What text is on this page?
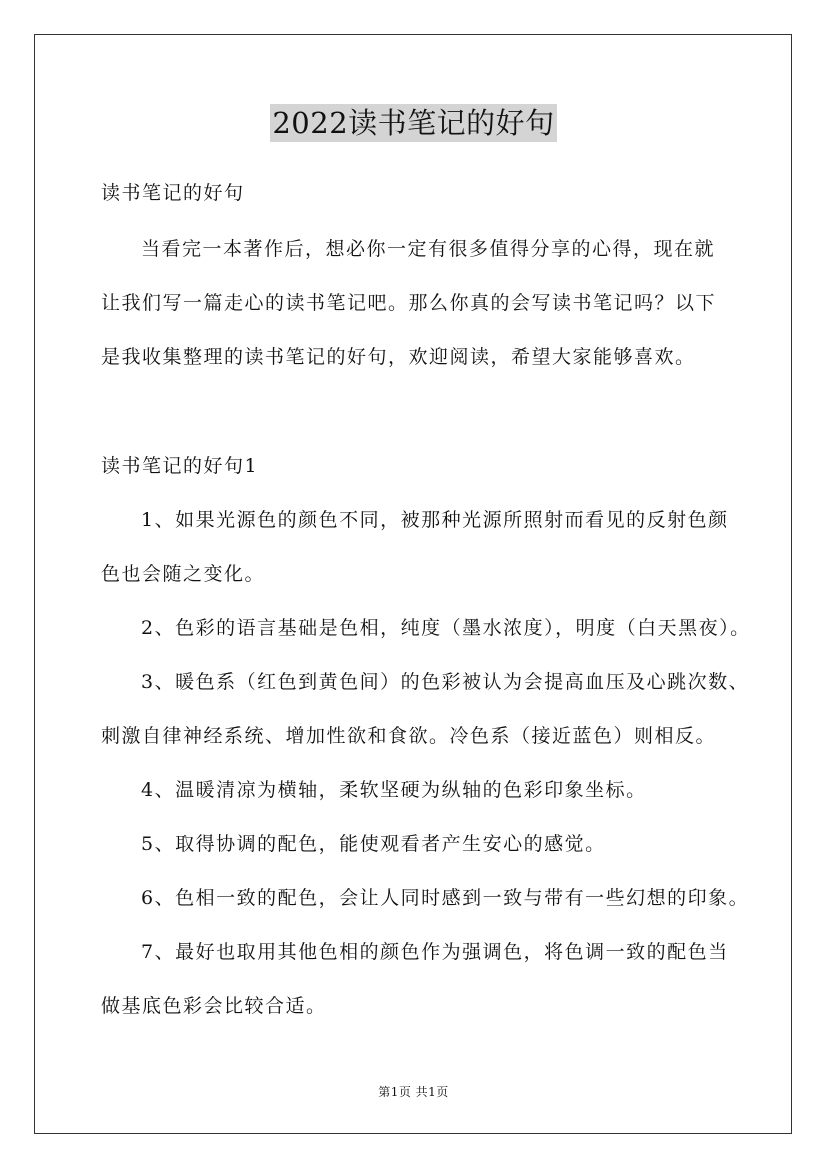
2022读书笔记的好句
读书笔记的好句
当看完一本著作后，想必你一定有很多值得分享的心得，现在就
让我们写一篇走心的读书笔记吧。那么你真的会写读书笔记吗？以下
是我收集整理的读书笔记的好句，欢迎阅读，希望大家能够喜欢。
读书笔记的好句1
1、如果光源色的颜色不同，被那种光源所照射而看见的反射色颜
色也会随之变化。
2、色彩的语言基础是色相，纯度（墨水浓度），明度（白天黑夜）。
3、暖色系（红色到黄色间）的色彩被认为会提高血压及心跳次数、
刺激自律神经系统、增加性欲和食欲。冷色系（接近蓝色）则相反。
4、温暖清凉为横轴，柔软坚硬为纵轴的色彩印象坐标。
5、取得协调的配色，能使观看者产生安心的感觉。
6、色相一致的配色，会让人同时感到一致与带有一些幻想的印象。
7、最好也取用其他色相的颜色作为强调色，将色调一致的配色当
做基底色彩会比较合适。
第1页 共1页
